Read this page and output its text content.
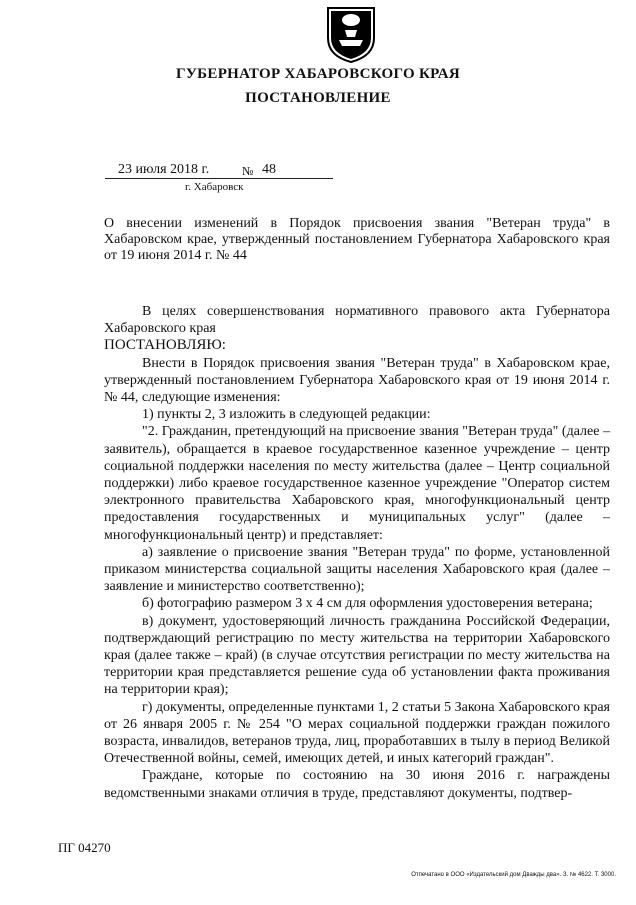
ГУБЕРНАТОР ХАБАРОВСКОГО КРАЯ
ПОСТАНОВЛЕНИЕ
23 июля 2018 г.	№ 48
г. Хабаровск
О внесении изменений в Порядок присвоения звания "Ветеран труда" в Хабаровском крае, утвержденный постановлением Губернатора Хабаровского края от 19 июня 2014 г. № 44

В целях совершенствования нормативного правового акта Губернатора Хабаровского края

ПОСТАНОВЛЯЮ:

Внести в Порядок присвоения звания "Ветеран труда" в Хабаровском крае, утвержденный постановлением Губернатора Хабаровского края от 19 июня 2014 г. № 44, следующие изменения:

1) пункты 2, 3 изложить в следующей редакции:

"2. Гражданин, претендующий на присвоение звания "Ветеран труда" (далее – заявитель), обращается в краевое государственное казенное учреждение – центр социальной поддержки населения по месту жительства (далее – Центр социальной поддержки) либо краевое государственное казенное учреждение "Оператор систем электронного правительства Хабаровского края, многофункциональный центр предоставления государственных и муниципальных услуг" (далее – многофункциональный центр) и представляет:

а) заявление о присвоение звания "Ветеран труда" по форме, установленной приказом министерства социальной защиты населения Хабаровского края (далее – заявление и министерство соответственно);

б) фотографию размером 3 х 4 см для оформления удостоверения ветерана;

в) документ, удостоверяющий личность гражданина Российской Федерации, подтверждающий регистрацию по месту жительства на территории Хабаровского края (далее также – край) (в случае отсутствия регистрации по месту жительства на территории края представляется решение суда об установлении факта проживания на территории края);

г) документы, определенные пунктами 1, 2 статьи 5 Закона Хабаровского края от 26 января 2005 г. № 254 "О мерах социальной поддержки граждан пожилого возраста, инвалидов, ветеранов труда, лиц, проработавших в тылу в период Великой Отечественной войны, семей, имеющих детей, и иных категорий граждан".

Граждане, которые по состоянию на 30 июня 2016 г. награждены ведомственными знаками отличия в труде, представляют документы, подтвер-

ПГ 04270
Отпечатано в ООО «Издательский дом Дважды два». З. № 4622. Т. 3000.
